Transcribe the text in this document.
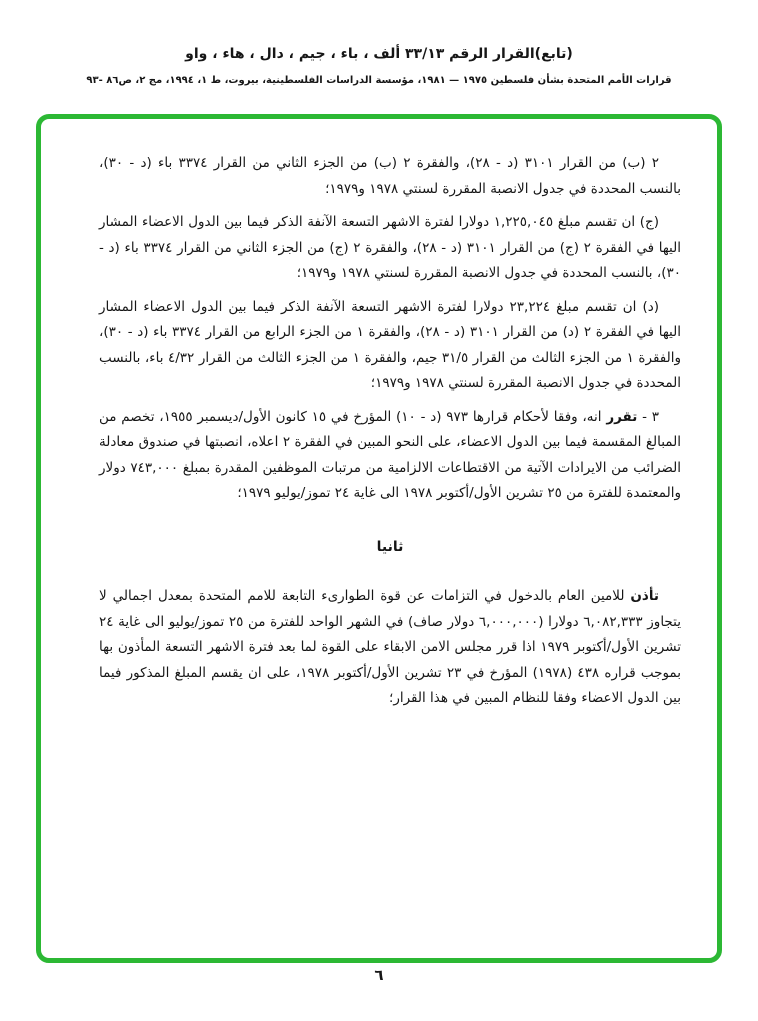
(تابع)القرار الرقم ٣٣/١٣ ألف ، باء ، جيم ، دال ، هاء ، واو
قرارات الأمم المتحدة بشأن فلسطين ١٩٧٥ — ١٩٨١، مؤسسة الدراسات الفلسطينية، بيروت، ط ١، ١٩٩٤، مج ٢، ص٨٦ -٩٣

٢ (ب) من القرار ٣١٠١ (د - ٢٨)، والفقرة ٢ (ب) من الجزء الثاني من القرار ٣٣٧٤ باء (د - ٣٠)، بالنسب المحددة في جدول الانصبة المقررة لسنتي ١٩٧٨ و١٩٧٩؛

(ج) ان تقسم مبلغ ١,٢٢٥,٠٤٥ دولارا لفترة الاشهر التسعة الآنفة الذكر فيما بين الدول الاعضاء المشار اليها في الفقرة ٢ (ج) من القرار ٣١٠١ (د - ٢٨)، والفقرة ٢ (ج) من الجزء الثاني من القرار ٣٣٧٤ باء (د - ٣٠)، بالنسب المحددة في جدول الانصبة المقررة لسنتي ١٩٧٨ و١٩٧٩؛

(د) ان تقسم مبلغ ٢٣,٢٢٤ دولارا لفترة الاشهر التسعة الآنفة الذكر فيما بين الدول الاعضاء المشار اليها في الفقرة ٢ (د) من القرار ٣١٠١ (د - ٢٨)، والفقرة ١ من الجزء الرابع من القرار ٣٣٧٤ باء (د - ٣٠)، والفقرة ١ من الجزء الثالث من القرار ٣١/٥ جيم، والفقرة ١ من الجزء الثالث من القرار ٤/٣٢ باء، بالنسب المحددة في جدول الانصبة المقررة لسنتي ١٩٧٨ و١٩٧٩؛

٣ - تقرر انه، وفقا لأحكام قرارها ٩٧٣ (د - ١٠) المؤرخ في ١٥ كانون الأول/ديسمبر ١٩٥٥، تخصم من المبالغ المقسمة فيما بين الدول الاعضاء، على النحو المبين في الفقرة ٢ اعلاه، انصبتها في صندوق معادلة الضرائب من الايرادات الآتية من الاقتطاعات الالزامية من مرتبات الموظفين المقدرة بمبلغ ٧٤٣,٠٠٠ دولار والمعتمدة للفترة من ٢٥ تشرين الأول/أكتوبر ١٩٧٨ الى غاية ٢٤ تموز/يوليو ١٩٧٩؛

ثانيا

تأذن للامين العام بالدخول في التزامات عن قوة الطوارىء التابعة للامم المتحدة بمعدل اجمالي لا يتجاوز ٦,٠٨٢,٣٣٣ دولارا (٦,٠٠٠,٠٠٠ دولار صاف) في الشهر الواحد للفترة من ٢٥ تموز/يوليو الى غاية ٢٤ تشرين الأول/أكتوبر ١٩٧٩ اذا قرر مجلس الامن الابقاء على القوة لما بعد فترة الاشهر التسعة المأذون بها بموجب قراره ٤٣٨ (١٩٧٨) المؤرخ في ٢٣ تشرين الأول/أكتوبر ١٩٧٨، على ان يقسم المبلغ المذكور فيما بين الدول الاعضاء وفقا للنظام المبين في هذا القرار؛

٦
